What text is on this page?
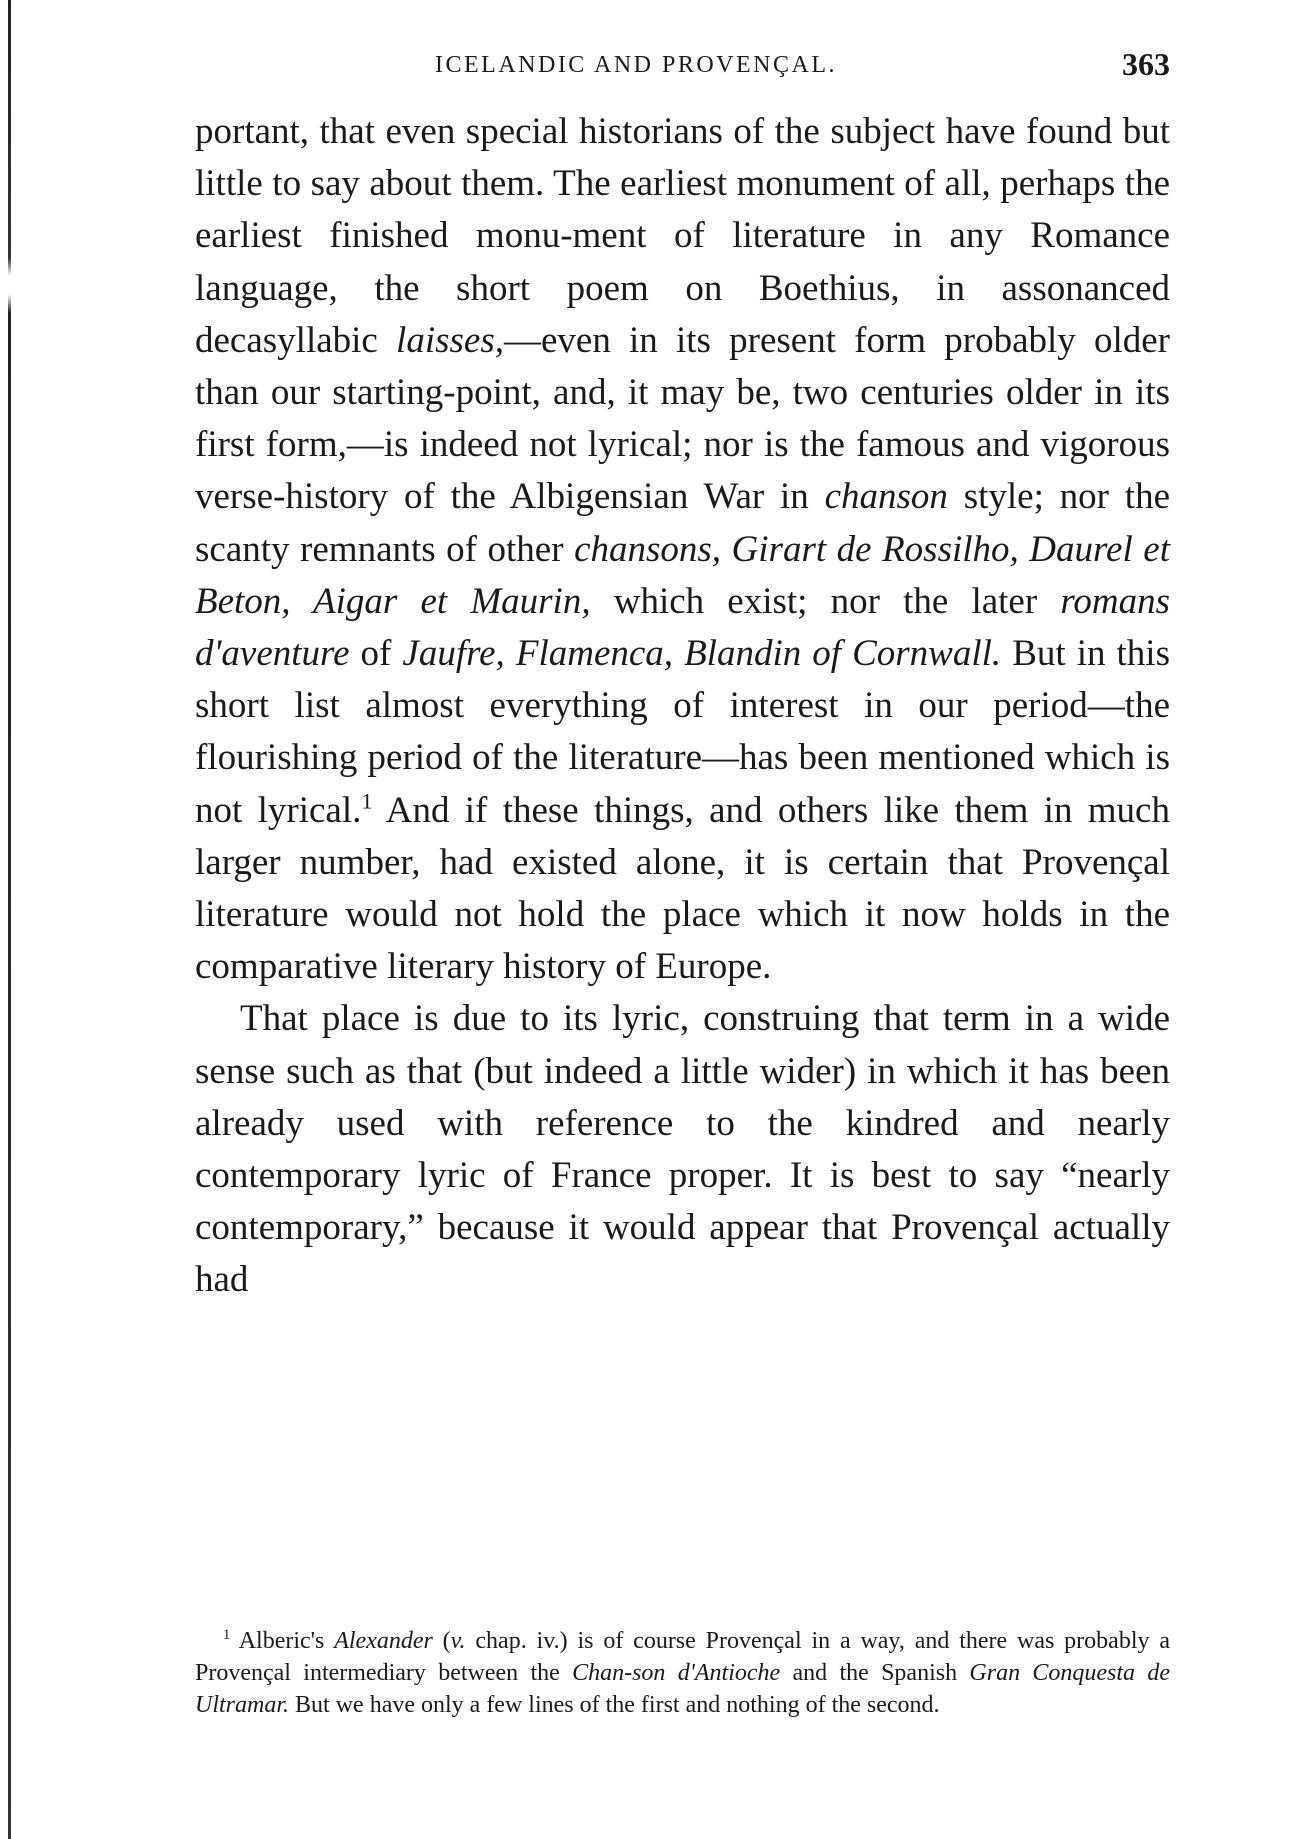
ICELANDIC AND PROVENÇAL.	363

portant, that even special historians of the subject have found but little to say about them. The earliest monument of all, perhaps the earliest finished monu-ment of literature in any Romance language, the short poem on Boethius, in assonanced decasyllabic laisses,—even in its present form probably older than our starting-point, and, it may be, two centuries older in its first form,—is indeed not lyrical; nor is the famous and vigorous verse-history of the Albigensian War in chanson style; nor the scanty remnants of other chansons, Girart de Rossilho, Daurel et Beton, Aigar et Maurin, which exist; nor the later romans d'aventure of Jaufre, Flamenca, Blandin of Cornwall. But in this short list almost everything of interest in our period—the flourishing period of the literature—has been mentioned which is not lyrical.$^1$ And if these things, and others like them in much larger number, had existed alone, it is certain that Provençal literature would not hold the place which it now holds in the comparative literary history of Europe.

That place is due to its lyric, construing that term in a wide sense such as that (but indeed a little wider) in which it has been already used with reference to the kindred and nearly contemporary lyric of France proper. It is best to say “nearly contemporary,” because it would appear that Provençal actually had

$^1$ Alberic's Alexander (v. chap. iv.) is of course Provençal in a way, and there was probably a Provençal intermediary between the Chan-son d'Antioche and the Spanish Gran Conquesta de Ultramar. But we have only a few lines of the first and nothing of the second.
